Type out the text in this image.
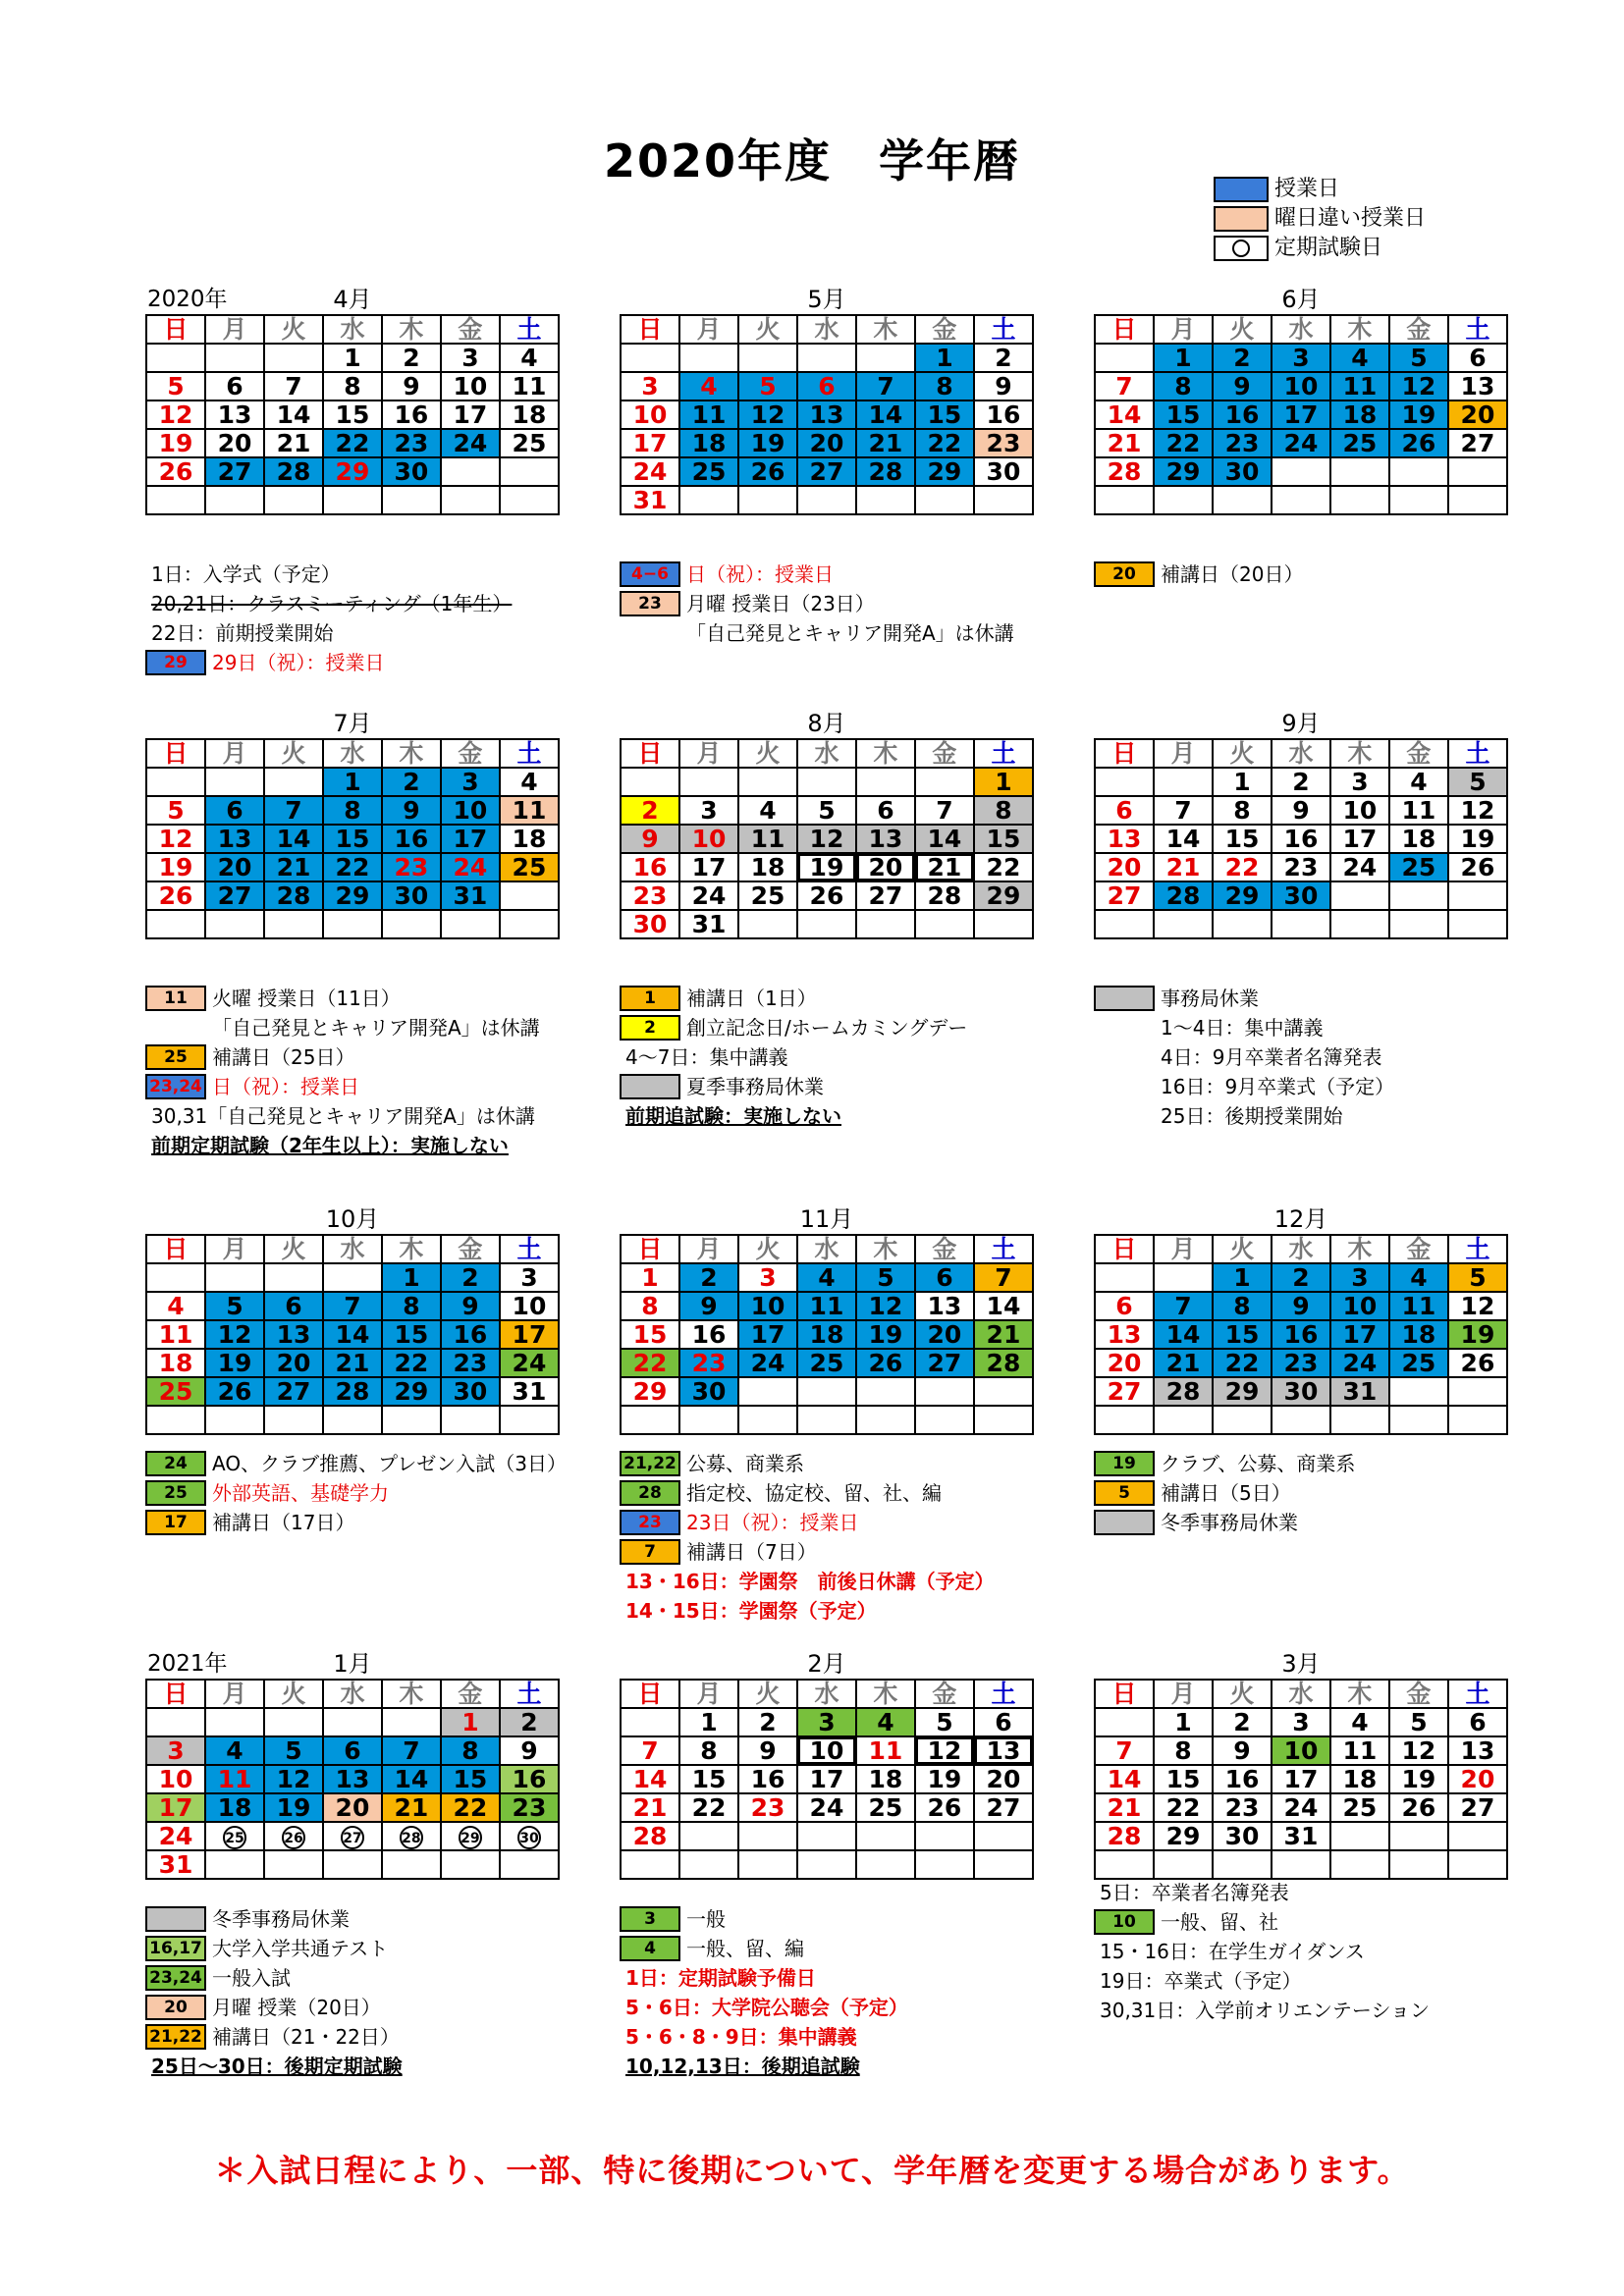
2020年度　学年暦
授業日
曜日違い授業日
定期試験日
2020年	4月
日	月	火	水	木	金	土
			1	2	3	4
5	6	7	8	9	10	11
12	13	14	15	16	17	18
19	20	21	22	23	24	25
26	27	28	29	30		

1日：入学式（予定）
20,21日：クラスミーティング（1年生）
22日：前期授業開始
29	29日（祝）：授業日
5月
日	月	火	水	木	金	土
					1	2
3	4	5	6	7	8	9
10	11	12	13	14	15	16
17	18	19	20	21	22	23
24	25	26	27	28	29	30
31						
4−6 日（祝）：授業日
23	月曜 授業日（23日）
「自己発見とキャリア開発A」は休講
6月
日	月	火	水	木	金	土
	1	2	3	4	5	6
7	8	9	10	11	12	13
14	15	16	17	18	19	20
21	22	23	24	25	26	27
28	29	30				

20	補講日（20日）
7月
日	月	火	水	木	金	土
			1	2	3	4
5	6	7	8	9	10	11
12	13	14	15	16	17	18
19	20	21	22	23	24	25
26	27	28	29	30	31	

11	火曜 授業日（11日）
「自己発見とキャリア開発A」は休講
25	補講日（25日）
23,24 日（祝）：授業日
30,31「自己発見とキャリア開発A」は休講
前期定期試験（2年生以上）：実施しない
8月
日	月	火	水	木	金	土
						1
2	3	4	5	6	7	8
9	10	11	12	13	14	15
16	17	18	19	20	21	22
23	24	25	26	27	28	29
30	31					
1	補講日（1日）
2	創立記念日/ホームカミングデー
4〜7日：集中講義
夏季事務局休業
前期追試験：実施しない
9月
日	月	火	水	木	金	土
		1	2	3	4	5
6	7	8	9	10	11	12
13	14	15	16	17	18	19
20	21	22	23	24	25	26
27	28	29	30			

事務局休業
1〜4日：集中講義
4日：9月卒業者名簿発表
16日：9月卒業式（予定）
25日：後期授業開始
10月
日	月	火	水	木	金	土
				1	2	3
4	5	6	7	8	9	10
11	12	13	14	15	16	17
18	19	20	21	22	23	24
25	26	27	28	29	30	31

24	AO、クラブ推薦、プレゼン入試（3日）
25	外部英語、基礎学力
17	補講日（17日）
11月
日	月	火	水	木	金	土
1	2	3	4	5	6	7
8	9	10	11	12	13	14
15	16	17	18	19	20	21
22	23	24	25	26	27	28
29	30					

21,22 公募、商業系
28	指定校、協定校、留、社、編
23	23日（祝）：授業日
7	補講日（7日）
13・16日：学園祭　前後日休講（予定）
14・15日：学園祭（予定）
12月
日	月	火	水	木	金	土
		1	2	3	4	5
6	7	8	9	10	11	12
13	14	15	16	17	18	19
20	21	22	23	24	25	26
27	28	29	30	31		

19	クラブ、公募、商業系
5	補講日（5日）
冬季事務局休業
2021年	1月
日	月	火	水	木	金	土
					1	2
3	4	5	6	7	8	9
10	11	12	13	14	15	16
17	18	19	20	21	22	23
24	25	26	27	28	29	30
31						
冬季事務局休業
16,17 大学入学共通テスト
23,24 一般入試
20	月曜 授業（20日）
21,22 補講日（21・22日）
25日〜30日：後期定期試験
2月
日	月	火	水	木	金	土
	1	2	3	4	5	6
7	8	9	10	11	12	13
14	15	16	17	18	19	20
21	22	23	24	25	26	27
28						

3	一般
4	一般、留、編
1日：定期試験予備日
5・6日：大学院公聴会（予定）
5・6・8・9日：集中講義
10,12,13日：後期追試験
3月
日	月	火	水	木	金	土
	1	2	3	4	5	6
7	8	9	10	11	12	13
14	15	16	17	18	19	20
21	22	23	24	25	26	27
28	29	30	31			

5日：卒業者名簿発表
10	一般、留、社
15・16日：在学生ガイダンス
19日：卒業式（予定）
30,31日：入学前オリエンテーション
＊入試日程により、一部、特に後期について、学年暦を変更する場合があります。
